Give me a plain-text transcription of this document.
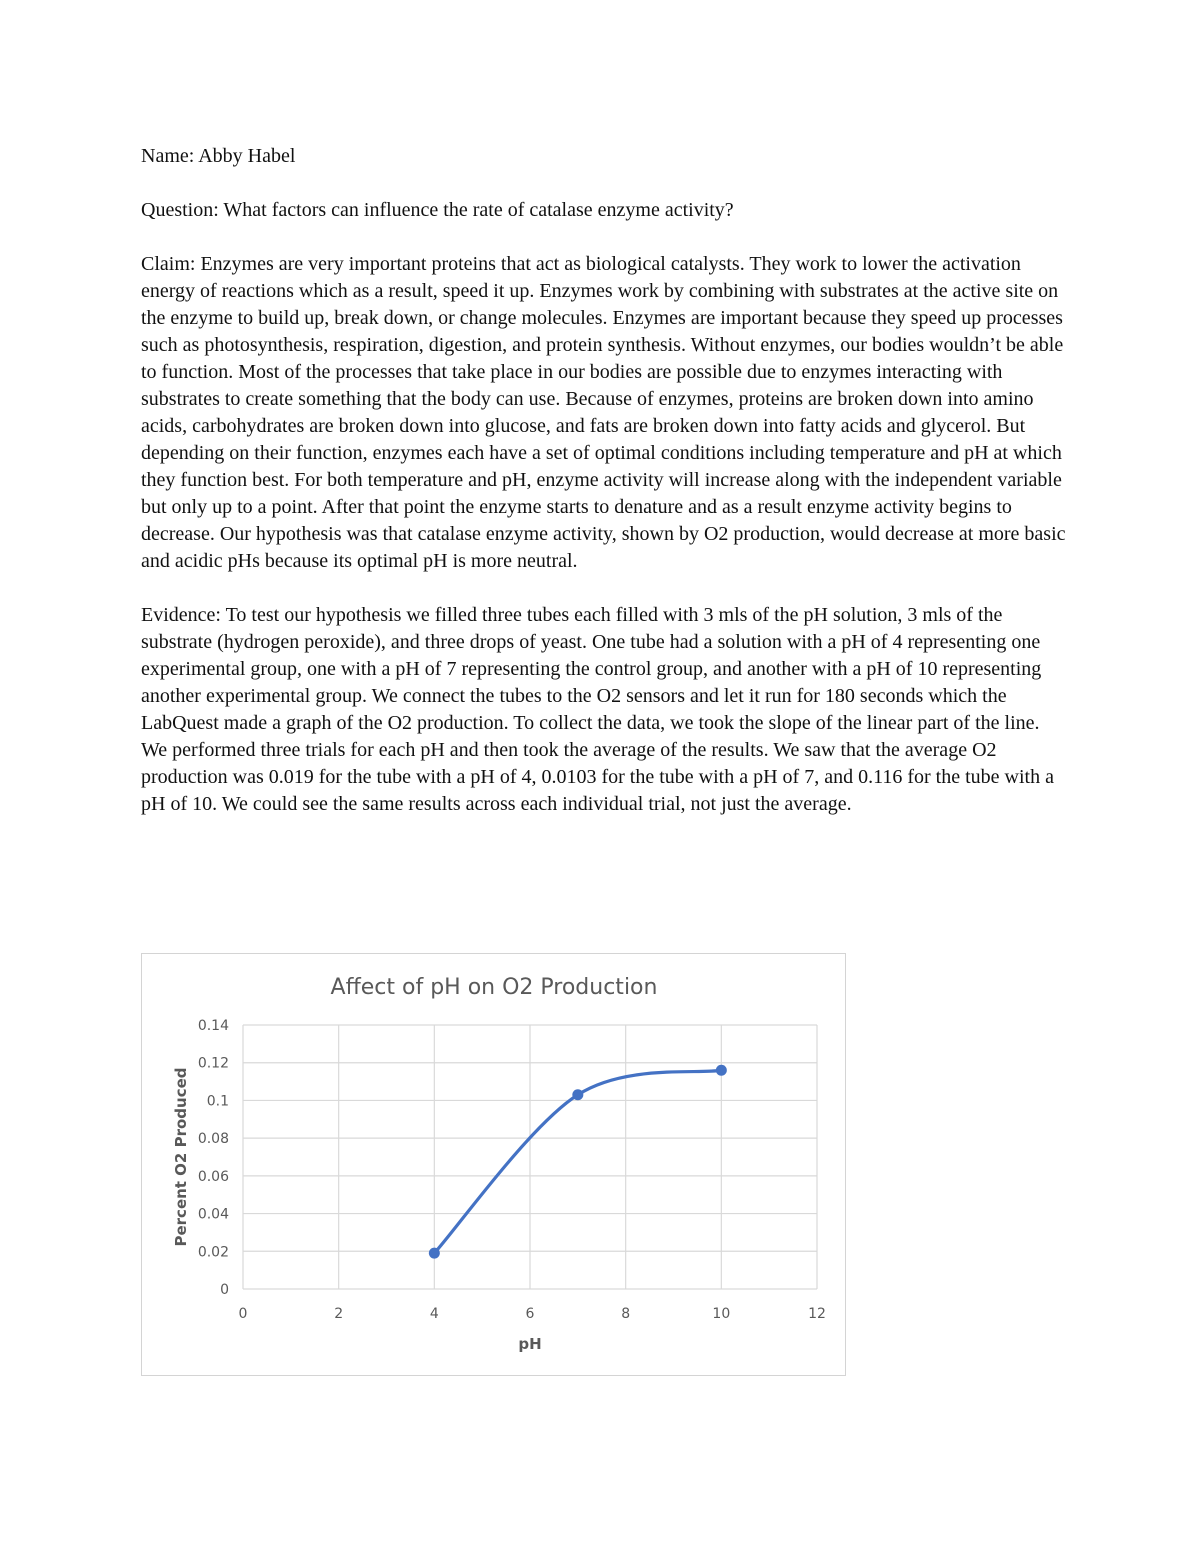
Name: Abby Habel

Question: What factors can influence the rate of catalase enzyme activity?

Claim: Enzymes are very important proteins that act as biological catalysts. They work to lower the activation energy of reactions which as a result, speed it up. Enzymes work by combining with substrates at the active site on the enzyme to build up, break down, or change molecules. Enzymes are important because they speed up processes such as photosynthesis, respiration, digestion, and protein synthesis. Without enzymes, our bodies wouldn’t be able to function. Most of the processes that take place in our bodies are possible due to enzymes interacting with substrates to create something that the body can use. Because of enzymes, proteins are broken down into amino acids, carbohydrates are broken down into glucose, and fats are broken down into fatty acids and glycerol. But depending on their function, enzymes each have a set of optimal conditions including temperature and pH at which they function best. For both temperature and pH, enzyme activity will increase along with the independent variable but only up to a point. After that point the enzyme starts to denature and as a result enzyme activity begins to decrease. Our hypothesis was that catalase enzyme activity, shown by O2 production, would decrease at more basic and acidic pHs because its optimal pH is more neutral.

Evidence: To test our hypothesis we filled three tubes each filled with 3 mls of the pH solution, 3 mls of the substrate (hydrogen peroxide), and three drops of yeast. One tube had a solution with a pH of 4 representing one experimental group, one with a pH of 7 representing the control group, and another with a pH of 10 representing another experimental group. We connect the tubes to the O2 sensors and let it run for 180 seconds which the LabQuest made a graph of the O2 production. To collect the data, we took the slope of the linear part of the line. We performed three trials for each pH and then took the average of the results. We saw that the average O2 production was 0.019 for the tube with a pH of 4, 0.0103 for the tube with a pH of 7, and 0.116 for the tube with a pH of 10. We could see the same results across each individual trial, not just the average.

0
0.02
0.04
0.06
0.08
0.1
0.12
0.14
0	2	4	6	8	10	12
Affect of pH on O2 Production
pH
Percent O2 Produced
